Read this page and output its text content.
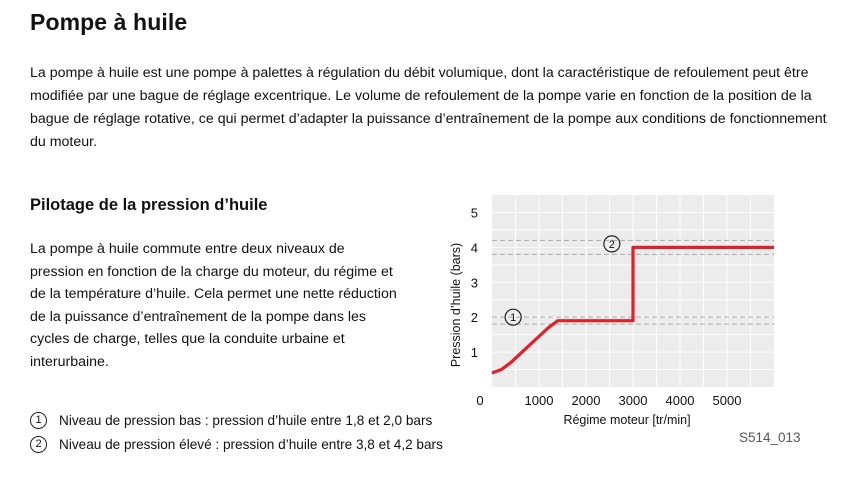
Pompe à huile

La pompe à huile est une pompe à palettes à régulation du débit volumique, dont la caractéristique de refoulement peut être modifiée par une bague de réglage excentrique. Le volume de refoulement de la pompe varie en fonction de la position de la bague de réglage rotative, ce qui permet d’adapter la puissance d’entraînement de la pompe aux conditions de fonctionnement du moteur.

Pilotage de la pression d’huile

La pompe à huile commute entre deux niveaux de pression en fonction de la charge du moteur, du régime et de la température d’huile. Cela permet une nette réduction de la puissance d’entraînement de la pompe dans les cycles de charge, telles que la conduite urbaine et interurbaine.

1	Niveau de pression bas : pression d’huile entre 1,8 et 2,0 bars
2	Niveau de pression élevé : pression d’huile entre 3,8 et 4,2 bars
1
2
1
2
3
4
5
0	1000 2000 3000 4000 5000
Régime moteur [tr/min]
Pression d’huile (bars)
S514_013
